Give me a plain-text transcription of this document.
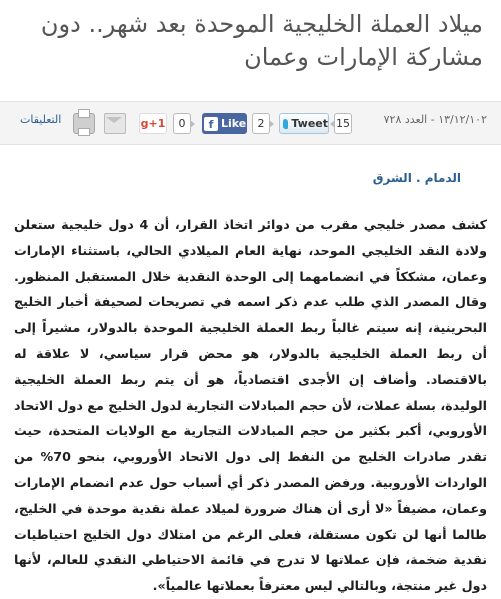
ميلاد العملة الخليجية الموحدة بعد شهر.. دون مشاركة الإمارات وعمان
١٣/١٢/١٠٢ - العدد ٧٢٨
15
Tweet
2
f Like
0
g+1
التعليقات
الدمام . الشرق

كشف مصدر خليجي مقرب من دوائر اتخاذ القرار، أن 4 دول خليجية ستعلن ولادة النقد الخليجي الموحد، نهاية العام الميلادي الحالي، باستثناء الإمارات وعمان، مشككاً في انضمامهما إلى الوحدة النقدية خلال المستقبل المنظور. وقال المصدر الذي طلب عدم ذكر اسمه في تصريحات لصحيفة أخبار الخليج البحرينية، إنه سيتم غالباً ربط العملة الخليجية الموحدة بالدولار، مشيراً إلى أن ربط العملة الخليجية بالدولار، هو محض قرار سياسي، لا علاقة له بالاقتصاد. وأضاف إن الأجدى اقتصادياً، هو أن يتم ربط العملة الخليجية الوليدة، بسلة عملات، لأن حجم المبادلات التجارية لدول الخليج مع دول الاتحاد الأوروبي، أكبر بكثير من حجم المبادلات التجارية مع الولايات المتحدة، حيث تقدر صادرات الخليج من النفط إلى دول الاتحاد الأوروبي، بنحو 70% من الواردات الأوروبية. ورفض المصدر ذكر أي أسباب حول عدم انضمام الإمارات وعمان، مضيفاً «لا أرى أن هناك ضرورة لميلاد عملة نقدية موحدة في الخليج، طالما أنها لن تكون مستقلة، فعلى الرغم من امتلاك دول الخليج احتياطيات نقدية ضخمة، فإن عملاتها لا تدرج في قائمة الاحتياطي النقدي للعالم، لأنها دول غير منتجة، وبالتالي ليس معترفاً بعملاتها عالمياً».
